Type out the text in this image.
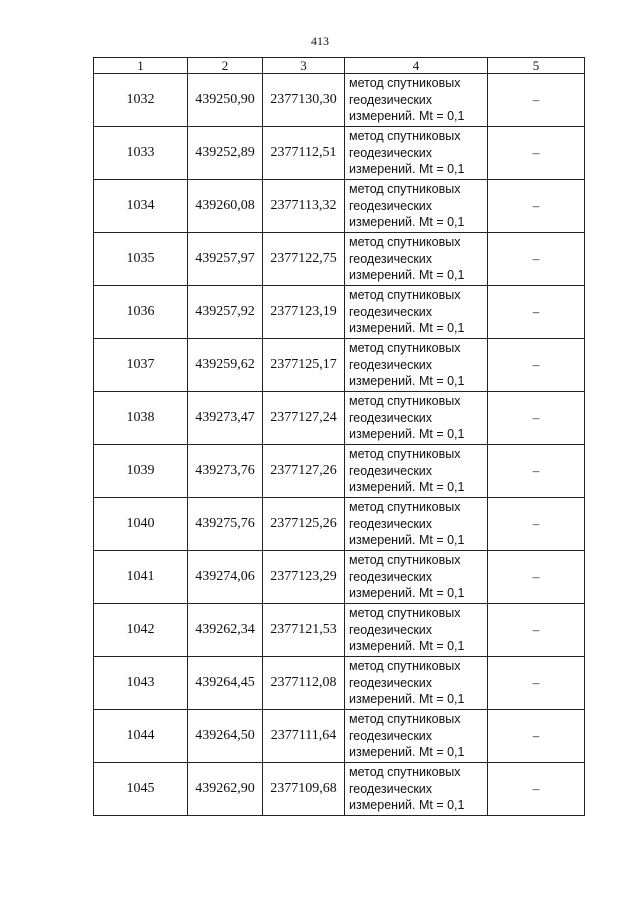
413
1	2	3	4	5
1032	439250,90	2377130,30	метод спутниковых
геодезических
измерений. Mt = 0,1	–
1033	439252,89	2377112,51	метод спутниковых
геодезических
измерений. Mt = 0,1	–
1034	439260,08	2377113,32	метод спутниковых
геодезических
измерений. Mt = 0,1	–
1035	439257,97	2377122,75	метод спутниковых
геодезических
измерений. Mt = 0,1	–
1036	439257,92	2377123,19	метод спутниковых
геодезических
измерений. Mt = 0,1	–
1037	439259,62	2377125,17	метод спутниковых
геодезических
измерений. Mt = 0,1	–
1038	439273,47	2377127,24	метод спутниковых
геодезических
измерений. Mt = 0,1	–
1039	439273,76	2377127,26	метод спутниковых
геодезических
измерений. Mt = 0,1	–
1040	439275,76	2377125,26	метод спутниковых
геодезических
измерений. Mt = 0,1	–
1041	439274,06	2377123,29	метод спутниковых
геодезических
измерений. Mt = 0,1	–
1042	439262,34	2377121,53	метод спутниковых
геодезических
измерений. Mt = 0,1	–
1043	439264,45	2377112,08	метод спутниковых
геодезических
измерений. Mt = 0,1	–
1044	439264,50	2377111,64	метод спутниковых
геодезических
измерений. Mt = 0,1	–
1045	439262,90	2377109,68	метод спутниковых
геодезических
измерений. Mt = 0,1	–
